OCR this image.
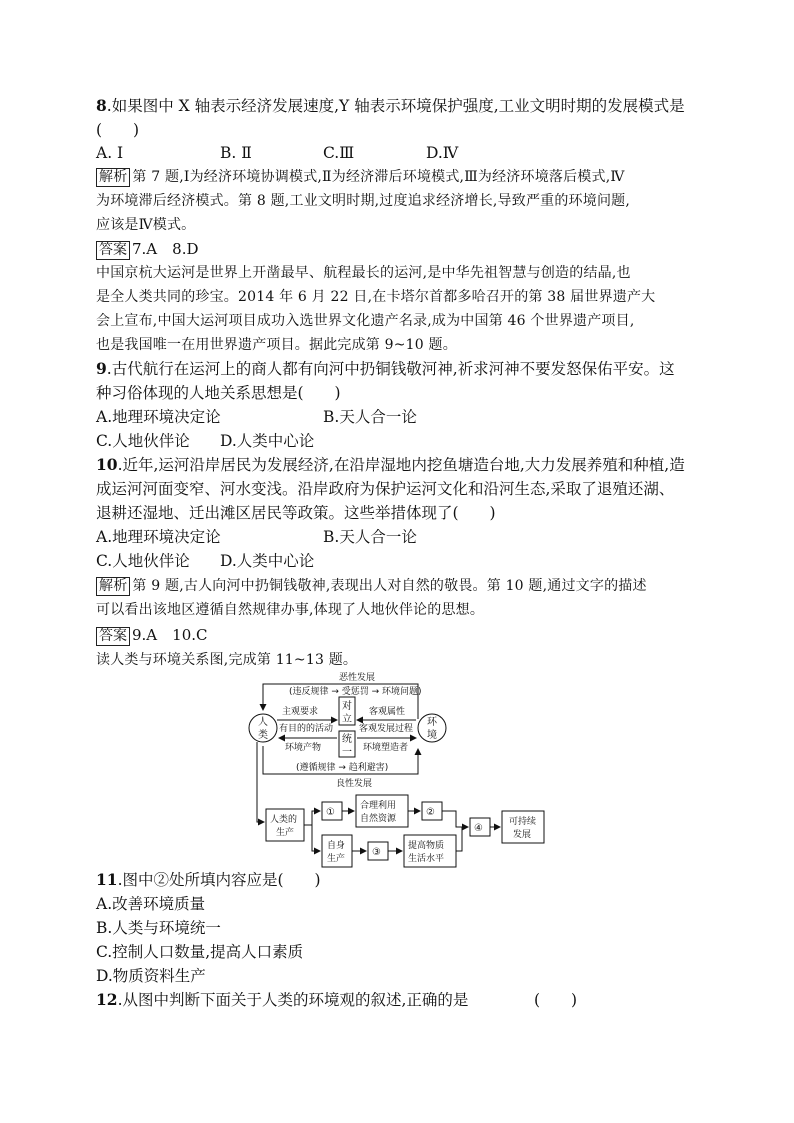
8.如果图中 X 轴表示经济发展速度,Y 轴表示环境保护强度,工业文明时期的发展模式是
(　　)
A. Ⅰ	B. Ⅱ	C.Ⅲ	D.Ⅳ
解析 第 7 题,Ⅰ为经济环境协调模式,Ⅱ为经济滞后环境模式,Ⅲ为经济环境落后模式,Ⅳ
为环境滞后经济模式。第 8 题,工业文明时期,过度追求经济增长,导致严重的环境问题,
应该是Ⅳ模式。
答案 7.A　8.D
中国京杭大运河是世界上开凿最早、航程最长的运河,是中华先祖智慧与创造的结晶,也
是全人类共同的珍宝。2014 年 6 月 22 日,在卡塔尔首都多哈召开的第 38 届世界遗产大
会上宣布,中国大运河项目成功入选世界文化遗产名录,成为中国第 46 个世界遗产项目,
也是我国唯一在用世界遗产项目。据此完成第 9~10 题。
9.古代航行在运河上的商人都有向河中扔铜钱敬河神,祈求河神不要发怒保佑平安。这
种习俗体现的人地关系思想是(　　)
A.地理环境决定论	B.天人合一论
C.人地伙伴论 D.人类中心论
10.近年,运河沿岸居民为发展经济,在沿岸湿地内挖鱼塘造台地,大力发展养殖和种植,造
成运河河面变窄、河水变浅。沿岸政府为保护运河文化和沿河生态,采取了退殖还湖、
退耕还湿地、迁出滩区居民等政策。这些举措体现了(　　)
A.地理环境决定论	B.天人合一论
C.人地伙伴论 D.人类中心论
解析 第 9 题,古人向河中扔铜钱敬神,表现出人对自然的敬畏。第 10 题,通过文字的描述
可以看出该地区遵循自然规律办事,体现了人地伙伴论的思想。
答案 9.A　10.C
读人类与环境关系图,完成第 11~13 题。
恶性发展
(违反规律 → 受惩罚 → 环境问题)
主观要求	客观属性
有目的的活动	客观发展过程
环境产物	环境塑造者
(遵循规律 → 趋利避害)
良性发展
人
类
环
境
对
立
统
一
人类的
生产
①
合理利用
自然资源
②
自身
生产
③
提高物质
生活水平
④
可持续
发展
11.图中②处所填内容应是(　　)
A.改善环境质量
B.人类与环境统一
C.控制人口数量,提高人口素质
D.物质资料生产
12.从图中判断下面关于人类的环境观的叙述,正确的是	(　　)
